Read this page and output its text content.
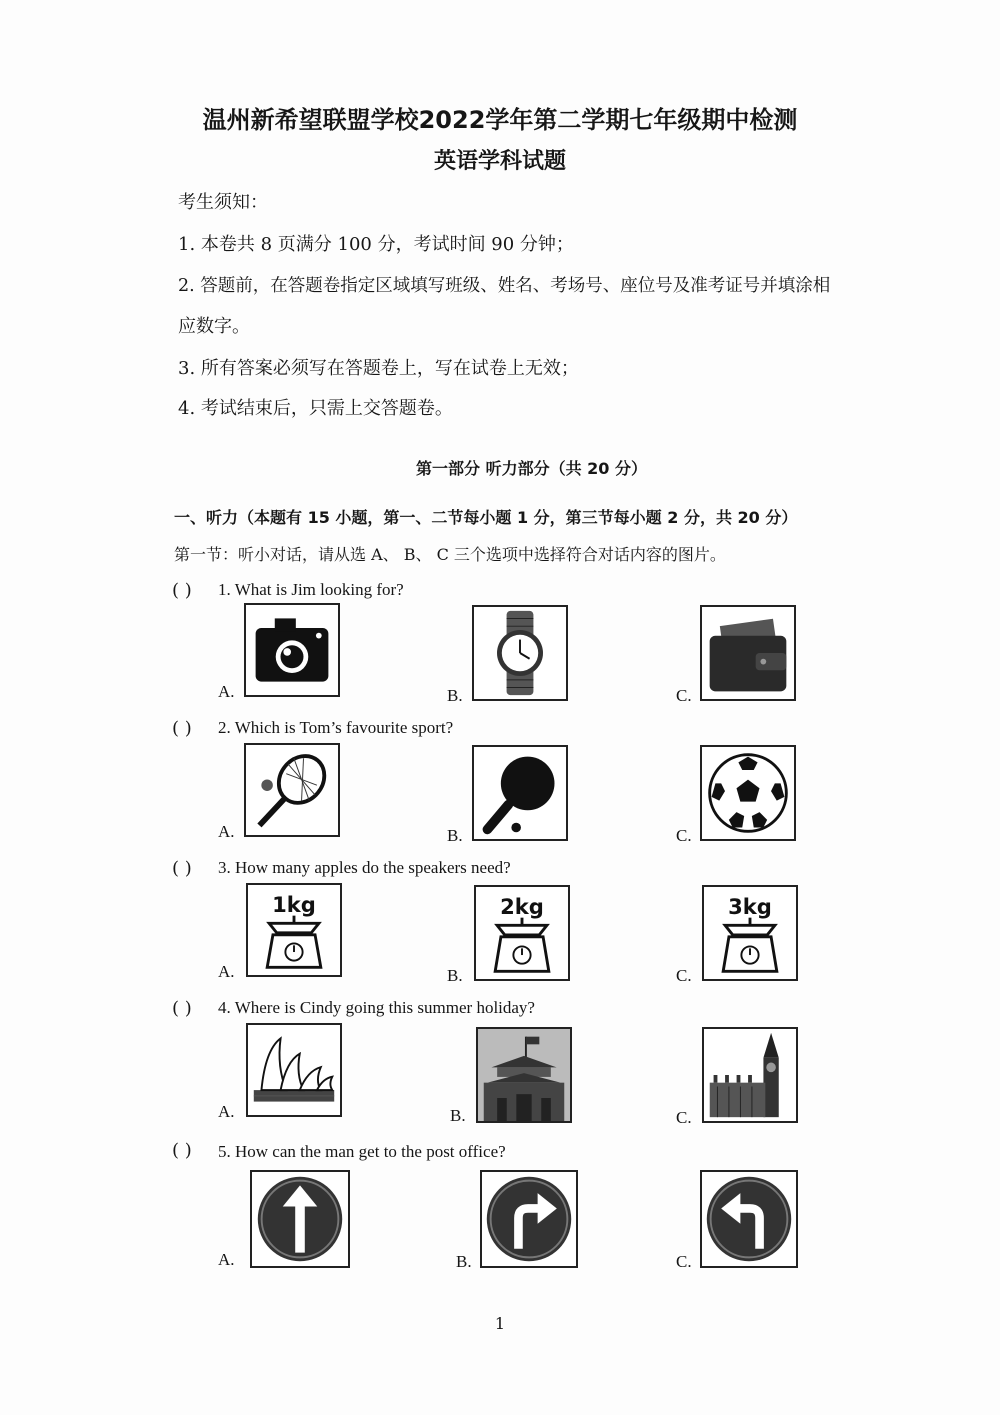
温州新希望联盟学校2022学年第二学期七年级期中检测
英语学科试题
考生须知：
1. 本卷共 8 页满分 100 分，考试时间 90 分钟；
2. 答题前，在答题卷指定区域填写班级、姓名、考场号、座位号及准考证号并填涂相
应数字。
3. 所有答案必须写在答题卷上，写在试卷上无效；
4. 考试结束后，只需上交答题卷。
第一部分 听力部分（共 20 分）
一、听力（本题有 15 小题，第一、二节每小题 1 分，第三节每小题 2 分，共 20 分）
第一节：听小对话，请从选 A、 B、 C 三个选项中选择符合对话内容的图片。
( ) 1. What is Jim looking for?
A.	B.	C.
( ) 2. Which is Tom’s favourite sport?
A.	B.	C.
( ) 3. How many apples do the speakers need?
A.
1kg
B.
2kg
C.
3kg
( ) 4. Where is Cindy going this summer holiday?
A.	B.	C.
( ) 5. How can the man get to the post office?
A.	B.	C.
1
